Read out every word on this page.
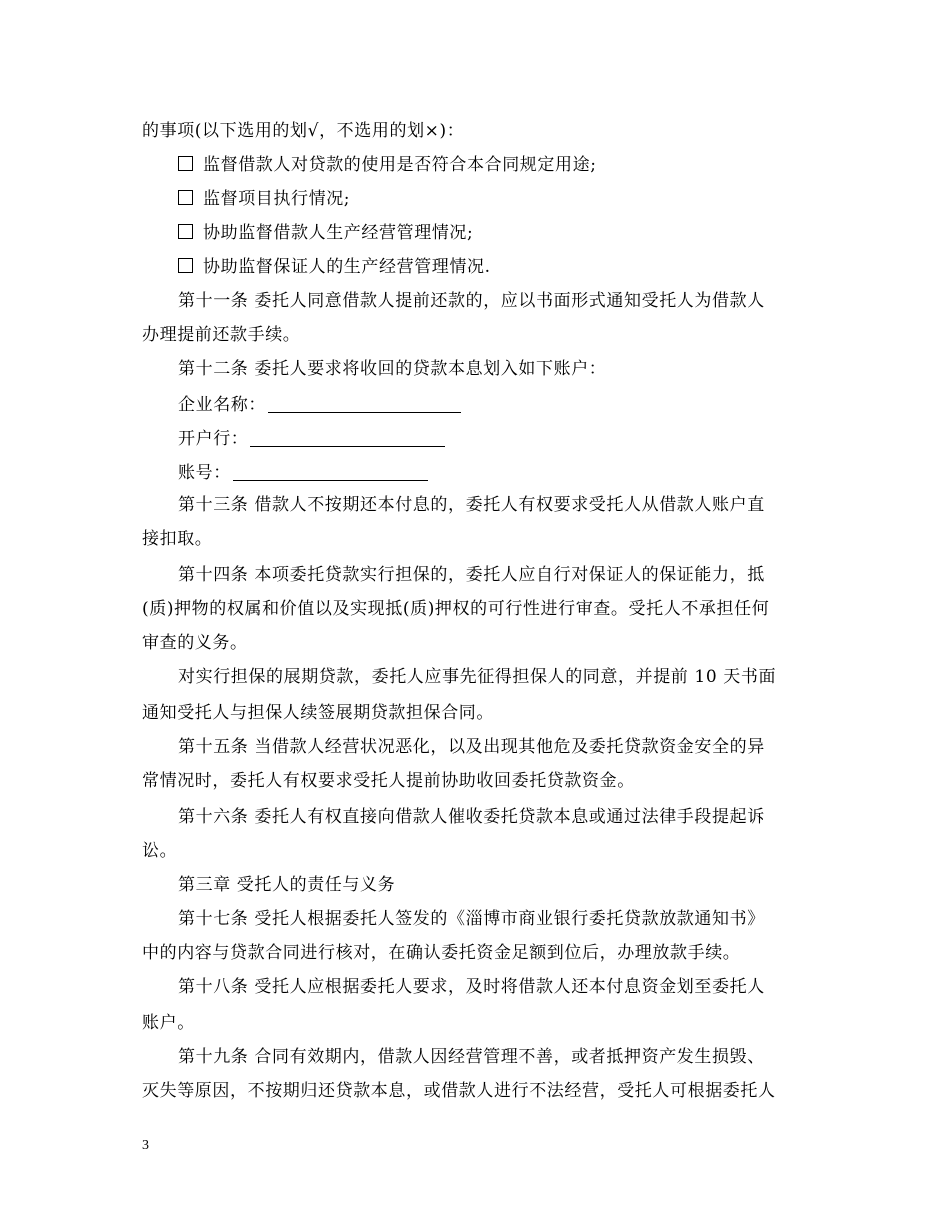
的事项(以下选用的划√，不选用的划×)：
监督借款人对贷款的使用是否符合本合同规定用途;
监督项目执行情况;
协助监督借款人生产经营管理情况;
协助监督保证人的生产经营管理情况.
第十一条 委托人同意借款人提前还款的，应以书面形式通知受托人为借款人
办理提前还款手续。
第十二条 委托人要求将收回的贷款本息划入如下账户：
企业名称：
开户行：
账号：
第十三条 借款人不按期还本付息的，委托人有权要求受托人从借款人账户直
接扣取。
第十四条 本项委托贷款实行担保的，委托人应自行对保证人的保证能力，抵
(质)押物的权属和价值以及实现抵(质)押权的可行性进行审查。受托人不承担任何
审查的义务。
对实行担保的展期贷款，委托人应事先征得担保人的同意，并提前 10 天书面
通知受托人与担保人续签展期贷款担保合同。
第十五条 当借款人经营状况恶化，以及出现其他危及委托贷款资金安全的异
常情况时，委托人有权要求受托人提前协助收回委托贷款资金。
第十六条 委托人有权直接向借款人催收委托贷款本息或通过法律手段提起诉
讼。
第三章 受托人的责任与义务
第十七条 受托人根据委托人签发的《淄博市商业银行委托贷款放款通知书》
中的内容与贷款合同进行核对，在确认委托资金足额到位后，办理放款手续。
第十八条 受托人应根据委托人要求，及时将借款人还本付息资金划至委托人
账户。
第十九条 合同有效期内，借款人因经营管理不善，或者抵押资产发生损毁、
灭失等原因，不按期归还贷款本息，或借款人进行不法经营，受托人可根据委托人
3
